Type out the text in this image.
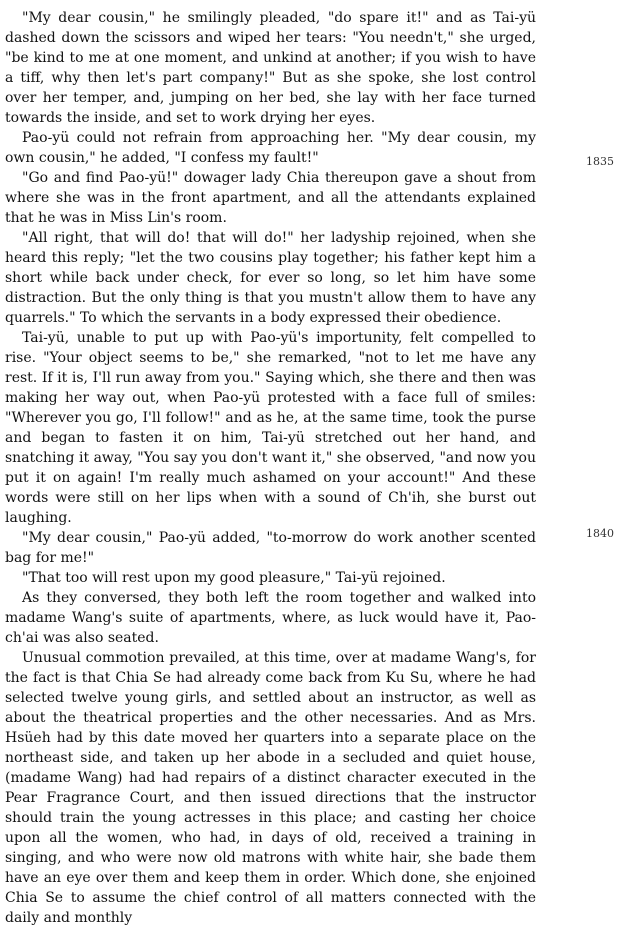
"My dear cousin," he smilingly pleaded, "do spare it!" and as Tai-yü dashed down the scissors and wiped her tears: "You needn't," she urged, "be kind to me at one moment, and unkind at another; if you wish to have a tiff, why then let's part company!" But as she spoke, she lost control over her temper, and, jumping on her bed, she lay with her face turned towards the inside, and set to work drying her eyes.

Pao-yü could not refrain from approaching her. "My dear cousin, my own cousin," he added, "I confess my fault!"

"Go and find Pao-yü!" dowager lady Chia thereupon gave a shout from where she was in the front apartment, and all the attendants explained that he was in Miss Lin's room.

"All right, that will do! that will do!" her ladyship rejoined, when she heard this reply; "let the two cousins play together; his father kept him a short while back under check, for ever so long, so let him have some distraction. But the only thing is that you mustn't allow them to have any quarrels." To which the servants in a body expressed their obedience.

Tai-yü, unable to put up with Pao-yü's importunity, felt compelled to rise. "Your object seems to be," she remarked, "not to let me have any rest. If it is, I'll run away from you." Saying which, she there and then was making her way out, when Pao-yü protested with a face full of smiles: "Wherever you go, I'll follow!" and as he, at the same time, took the purse and began to fasten it on him, Tai-yü stretched out her hand, and snatching it away, "You say you don't want it," she observed, "and now you put it on again! I'm really much ashamed on your account!" And these words were still on her lips when with a sound of Ch'ih, she burst out laughing.

"My dear cousin," Pao-yü added, "to-morrow do work another scented bag for me!"

"That too will rest upon my good pleasure," Tai-yü rejoined.

As they conversed, they both left the room together and walked into madame Wang's suite of apartments, where, as luck would have it, Pao-ch'ai was also seated.

Unusual commotion prevailed, at this time, over at madame Wang's, for the fact is that Chia Se had already come back from Ku Su, where he had selected twelve young girls, and settled about an instructor, as well as about the theatrical properties and the other necessaries. And as Mrs. Hsüeh had by this date moved her quarters into a separate place on the northeast side, and taken up her abode in a secluded and quiet house, (madame Wang) had had repairs of a distinct character executed in the Pear Fragrance Court, and then issued directions that the instructor should train the young actresses in this place; and casting her choice upon all the women, who had, in days of old, received a training in singing, and who were now old matrons with white hair, she bade them have an eye over them and keep them in order. Which done, she enjoined Chia Se to assume the chief control of all matters connected with the daily and monthly

1835
1840
